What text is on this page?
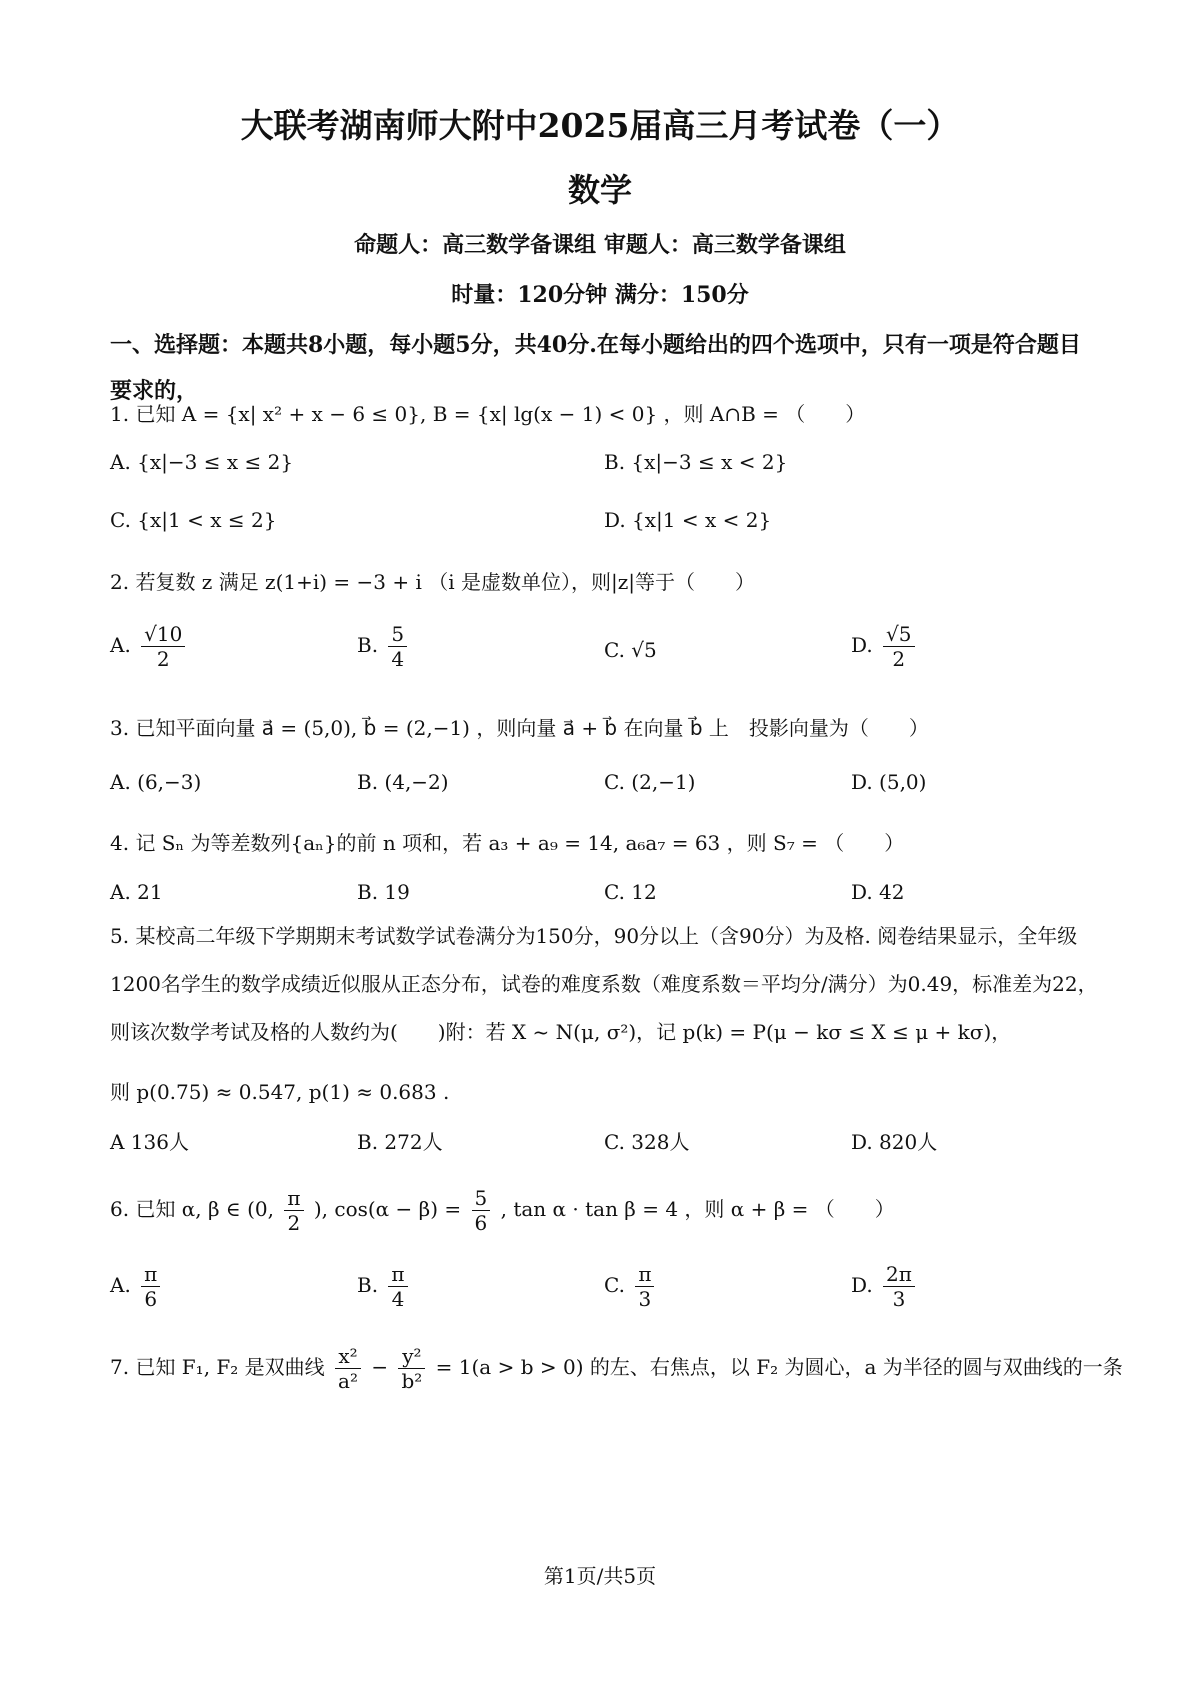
大联考湖南师大附中2025届高三月考试卷（一）
数学
命题人：高三数学备课组 审题人：高三数学备课组
时量：120分钟 满分：150分
一、选择题：本题共8小题，每小题5分，共40分.在每小题给出的四个选项中，只有一项是符合题目要求的，
1. 已知 A = {x| x² + x − 6 ≤ 0}, B = {x| lg(x − 1) < 0} ，则 A∩B = （　　）
A. {x|−3 ≤ x ≤ 2}	B. {x|−3 ≤ x < 2}
C. {x|1 < x ≤ 2}	D. {x|1 < x < 2}
2. 若复数 z 满足 z(1+i) = −3 + i （i 是虚数单位），则|z|等于（　　）
A. $\frac{√10}{2}$	B. $\frac{5}{4}$	C. √5	D. $\frac{√5}{2}$
3. 已知平面向量 a⃗ = (5,0), b⃗ = (2,−1) ，则向量 a⃗ + b⃗ 在向量 b⃗ 上　投影向量为（　　）
A. (6,−3)	B. (4,−2)	C. (2,−1)	D. (5,0)
4. 记 Sₙ 为等差数列{aₙ}的前 n 项和，若 a₃ + a₉ = 14, a₆a₇ = 63 ，则 S₇ = （　　）
A. 21	B. 19	C. 12	D. 42
5. 某校高二年级下学期期末考试数学试卷满分为150分，90分以上（含90分）为及格. 阅卷结果显示，全年级1200名学生的数学成绩近似服从正态分布，试卷的难度系数（难度系数＝平均分/满分）为0.49，标准差为22，则该次数学考试及格的人数约为(　　)附：若 X ~ N(μ, σ²)，记 p(k) = P(μ − kσ ≤ X ≤ μ + kσ)，
则 p(0.75) ≈ 0.547, p(1) ≈ 0.683 .
A 136人	B. 272人	C. 328人	D. 820人
6. 已知 α, β ∈ (0, $\frac{\pi}{2}$ ), $\cos(\alpha - \beta) = \frac{5}{6}$ , tan α · tan β = 4 ，则 α + β = （　　）
A. $\frac{\pi}{6}$	B. $\frac{\pi}{4}$	C. $\frac{\pi}{3}$	D. $\frac{2\pi}{3}$
7. 已知 F₁, F₂ 是双曲线 $\frac{\text{x²}}{\text{a²}} - \frac{\text{y²}}{\text{b²}} = 1(a > b > 0)$ 的左、右焦点，以 F₂ 为圆心，a 为半径的圆与双曲线的一条
第1页/共5页
